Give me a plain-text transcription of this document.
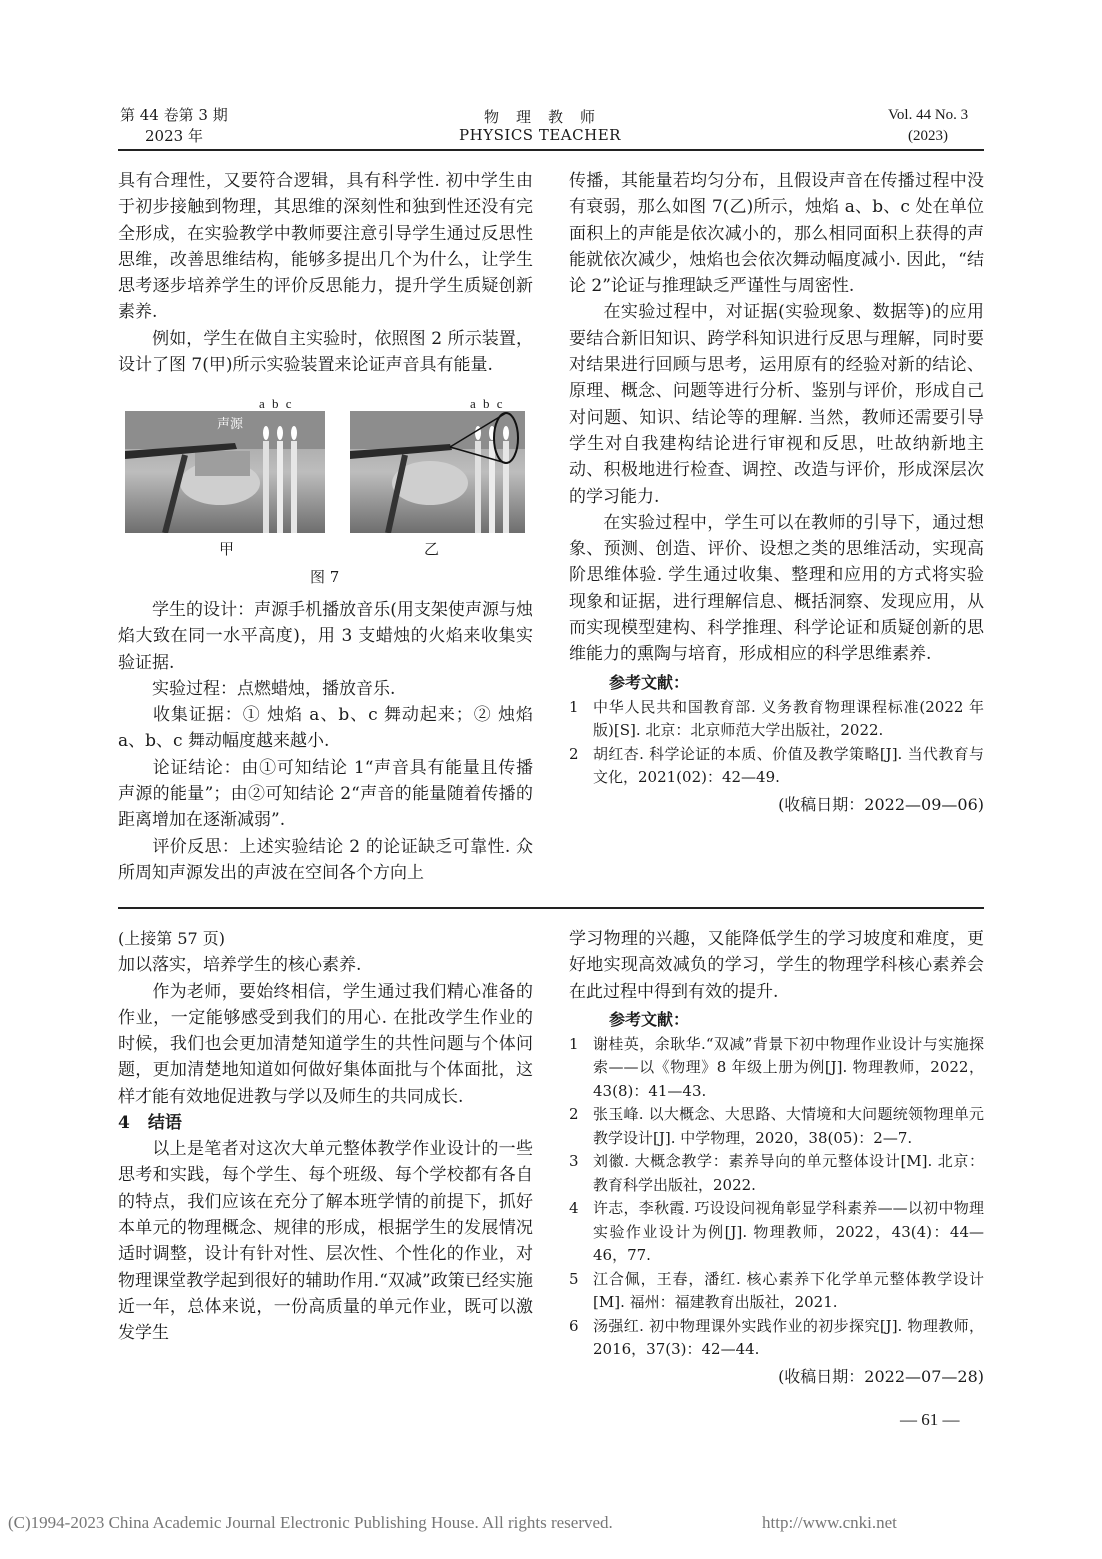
第 44 卷第 3 期
2023 年
物　理　教　师
PHYSICS TEACHER
Vol. 44 No. 3
(2023)

具有合理性，又要符合逻辑，具有科学性. 初中学生由于初步接触到物理，其思维的深刻性和独到性还没有完全形成，在实验教学中教师要注意引导学生通过反思性思维，改善思维结构，能够多提出几个为什么，让学生思考逐步培养学生的评价反思能力，提升学生质疑创新素养.

例如，学生在做自主实验时，依照图 2 所示装置，设计了图 7(甲)所示实验装置来论证声音具有能量.

声源
a b c	a b c
甲	乙
图 7

学生的设计：声源手机播放音乐(用支架使声源与烛焰大致在同一水平高度)，用 3 支蜡烛的火焰来收集实验证据.

实验过程：点燃蜡烛，播放音乐.

收集证据：① 烛焰 a、b、c 舞动起来；② 烛焰 a、b、c 舞动幅度越来越小.

论证结论：由①可知结论 1“声音具有能量且传播声源的能量”；由②可知结论 2“声音的能量随着传播的距离增加在逐渐减弱”.

评价反思：上述实验结论 2 的论证缺乏可靠性. 众所周知声源发出的声波在空间各个方向上

传播，其能量若均匀分布，且假设声音在传播过程中没有衰弱，那么如图 7(乙)所示，烛焰 a、b、c 处在单位面积上的声能是依次减小的，那么相同面积上获得的声能就依次减少，烛焰也会依次舞动幅度减小. 因此，“结论 2”论证与推理缺乏严谨性与周密性.

在实验过程中，对证据(实验现象、数据等)的应用要结合新旧知识、跨学科知识进行反思与理解，同时要对结果进行回顾与思考，运用原有的经验对新的结论、原理、概念、问题等进行分析、鉴别与评价，形成自己对问题、知识、结论等的理解. 当然，教师还需要引导学生对自我建构结论进行审视和反思，吐故纳新地主动、积极地进行检查、调控、改造与评价，形成深层次的学习能力.

在实验过程中，学生可以在教师的引导下，通过想象、预测、创造、评价、设想之类的思维活动，实现高阶思维体验. 学生通过收集、整理和应用的方式将实验现象和证据，进行理解信息、概括洞察、发现应用，从而实现模型建构、科学推理、科学论证和质疑创新的思维能力的熏陶与培育，形成相应的科学思维素养.

参考文献：

1 中华人民共和国教育部. 义务教育物理课程标准(2022 年版)[S]. 北京：北京师范大学出版社，2022.
2 胡红杏. 科学论证的本质、价值及教学策略[J]. 当代教育与文化，2021(02)：42—49.

(收稿日期：2022—09—06)

(上接第 57 页)

加以落实，培养学生的核心素养.

作为老师，要始终相信，学生通过我们精心准备的作业，一定能够感受到我们的用心. 在批改学生作业的时候，我们也会更加清楚知道学生的共性问题与个体问题，更加清楚地知道如何做好集体面批与个体面批，这样才能有效地促进教与学以及师生的共同成长.

4 结语

以上是笔者对这次大单元整体教学作业设计的一些思考和实践，每个学生、每个班级、每个学校都有各自的特点，我们应该在充分了解本班学情的前提下，抓好本单元的物理概念、规律的形成，根据学生的发展情况适时调整，设计有针对性、层次性、个性化的作业，对物理课堂教学起到很好的辅助作用.“双减”政策已经实施近一年，总体来说，一份高质量的单元作业，既可以激发学生

学习物理的兴趣，又能降低学生的学习坡度和难度，更好地实现高效减负的学习，学生的物理学科核心素养会在此过程中得到有效的提升.

参考文献：

1 谢桂英，余耿华.“双减”背景下初中物理作业设计与实施探索——以《物理》8 年级上册为例[J]. 物理教师，2022，43(8)：41—43.
2 张玉峰. 以大概念、大思路、大情境和大问题统领物理单元教学设计[J]. 中学物理，2020，38(05)：2—7.
3 刘徽. 大概念教学：素养导向的单元整体设计[M]. 北京：教育科学出版社，2022.
4 许志，李秋霞. 巧设设问视角彰显学科素养——以初中物理实验作业设计为例[J]. 物理教师，2022，43(4)：44—46，77.
5 江合佩，王春，潘红. 核心素养下化学单元整体教学设计[M]. 福州：福建教育出版社，2021.
6 汤强红. 初中物理课外实践作业的初步探究[J]. 物理教师，2016，37(3)：42—44.

(收稿日期：2022—07—28)

— 61 —
(C)1994-2023 China Academic Journal Electronic Publishing House. All rights reserved.	http://www.cnki.net
